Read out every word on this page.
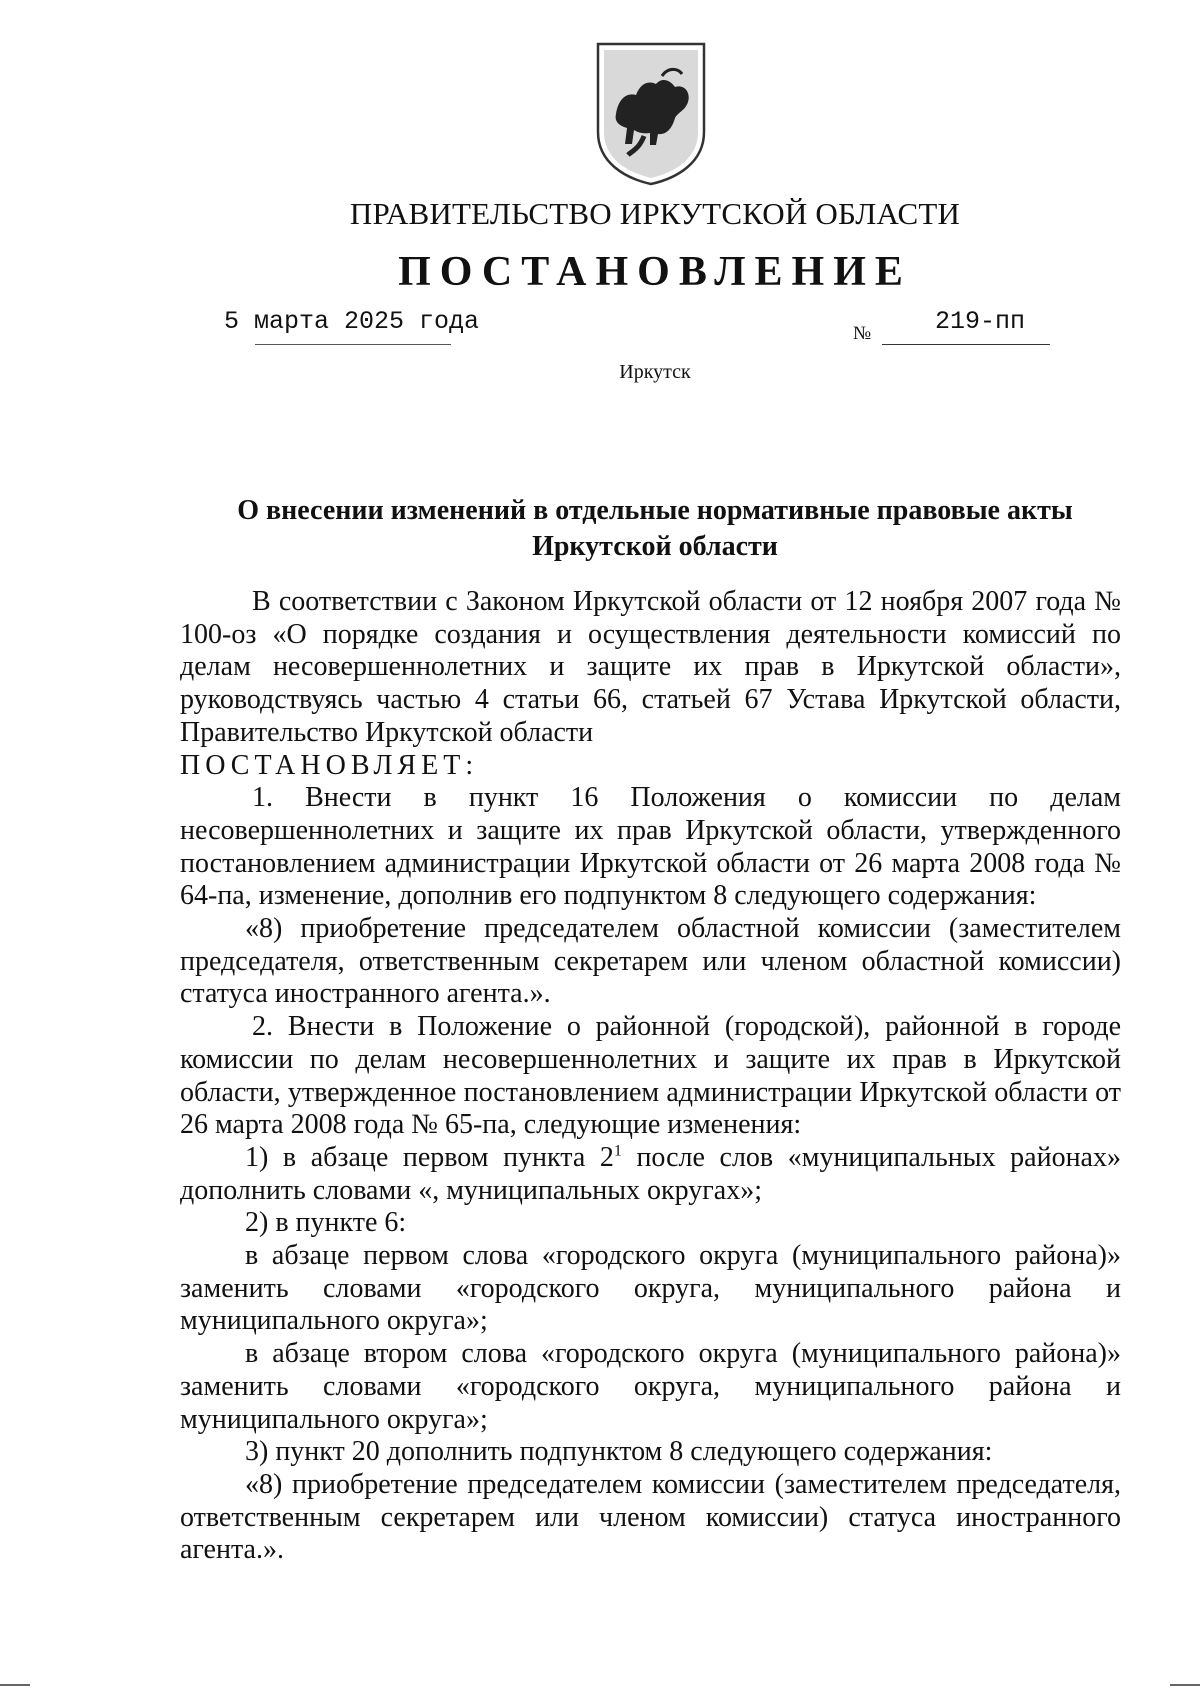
ПРАВИТЕЛЬСТВО ИРКУТСКОЙ ОБЛАСТИ
ПОСТАНОВЛЕНИЕ
5 марта 2025 года	№	219-пп
Иркутск
О внесении изменений в отдельные нормативные правовые акты
Иркутской области

В соответствии с Законом Иркутской области от 12 ноября 2007 года № 100-оз «О порядке создания и осуществления деятельности комиссий по делам несовершеннолетних и защите их прав в Иркутской области», руководствуясь частью 4 статьи 66, статьей 67 Устава Иркутской области, Правительство Иркутской области

ПОСТАНОВЛЯЕТ:

1. Внести в пункт 16 Положения о комиссии по делам несовершеннолетних и защите их прав Иркутской области, утвержденного постановлением администрации Иркутской области от 26 марта 2008 года № 64-па, изменение, дополнив его подпунктом 8 следующего содержания:

«8) приобретение председателем областной комиссии (заместителем председателя, ответственным секретарем или членом областной комиссии) статуса иностранного агента.».

2. Внести в Положение о районной (городской), районной в городе комиссии по делам несовершеннолетних и защите их прав в Иркутской области, утвержденное постановлением администрации Иркутской области от 26 марта 2008 года № 65-па, следующие изменения:

1) в абзаце первом пункта $2^1$ после слов «муниципальных районах» дополнить словами «, муниципальных округах»;

2) в пункте 6:

в абзаце первом слова «городского округа (муниципального района)» заменить словами «городского округа, муниципального района и муниципального округа»;

в абзаце втором слова «городского округа (муниципального района)» заменить словами «городского округа, муниципального района и муниципального округа»;

3) пункт 20 дополнить подпунктом 8 следующего содержания:

«8) приобретение председателем комиссии (заместителем председателя, ответственным секретарем или членом комиссии) статуса иностранного агента.».
